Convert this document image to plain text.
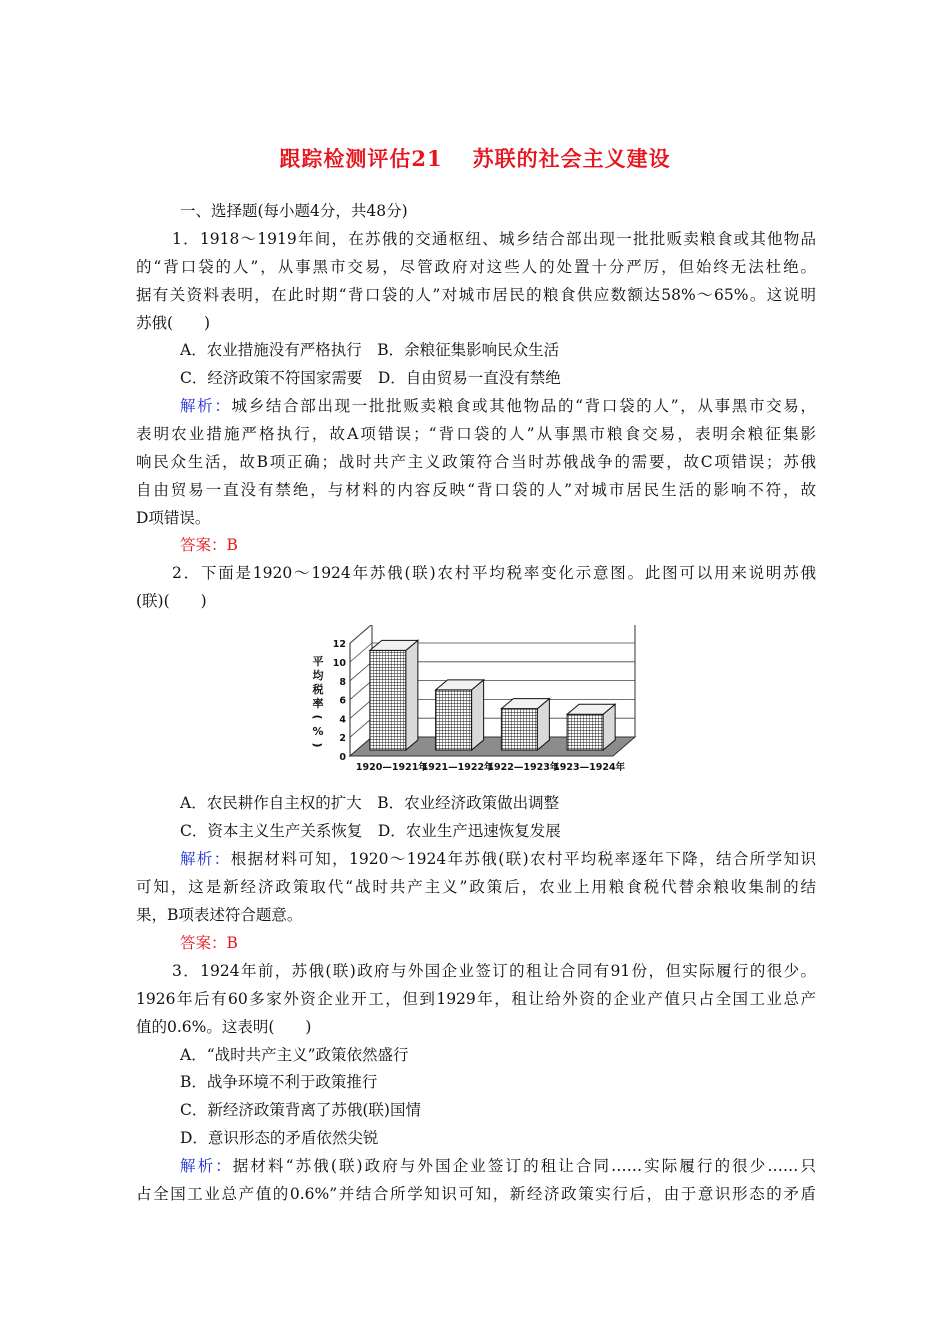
跟踪检测评估21 苏联的社会主义建设
一、选择题(每小题4分，共48分)
1．1918～1919年间，在苏俄的交通枢纽、城乡结合部出现一批批贩卖粮食或其他物品
的“背口袋的人”，从事黑市交易，尽管政府对这些人的处置十分严厉，但始终无法杜绝。
据有关资料表明，在此时期“背口袋的人”对城市居民的粮食供应数额达58%～65%。这说明
苏俄(　　)
A．农业措施没有严格执行　B．余粮征集影响民众生活
C．经济政策不符国家需要　D．自由贸易一直没有禁绝
解析：城乡结合部出现一批批贩卖粮食或其他物品的“背口袋的人”，从事黑市交易，
表明农业措施严格执行，故A项错误；“背口袋的人”从事黑市粮食交易，表明余粮征集影
响民众生活，故B项正确；战时共产主义政策符合当时苏俄战争的需要，故C项错误；苏俄
自由贸易一直没有禁绝，与材料的内容反映“背口袋的人”对城市居民生活的影响不符，故
D项错误。
答案：B
2．下面是1920～1924年苏俄(联)农村平均税率变化示意图。此图可以用来说明苏俄
(联)(　　)
0
2
4
6
8
10
12
1920—1921年
1921—1922年
1922—1923年
1923—1924年
平
均
税
率
(
%
)
A．农民耕作自主权的扩大　B．农业经济政策做出调整
C．资本主义生产关系恢复　D．农业生产迅速恢复发展
解析：根据材料可知，1920～1924年苏俄(联)农村平均税率逐年下降，结合所学知识
可知，这是新经济政策取代“战时共产主义”政策后，农业上用粮食税代替余粮收集制的结
果，B项表述符合题意。
答案：B
3．1924年前，苏俄(联)政府与外国企业签订的租让合同有91份，但实际履行的很少。
1926年后有60多家外资企业开工，但到1929年，租让给外资的企业产值只占全国工业总产
值的0.6%。这表明(　　)
A．“战时共产主义”政策依然盛行
B．战争环境不利于政策推行
C．新经济政策背离了苏俄(联)国情
D．意识形态的矛盾依然尖锐
解析：据材料“苏俄(联)政府与外国企业签订的租让合同……实际履行的很少……只
占全国工业总产值的0.6%”并结合所学知识可知，新经济政策实行后，由于意识形态的矛盾
